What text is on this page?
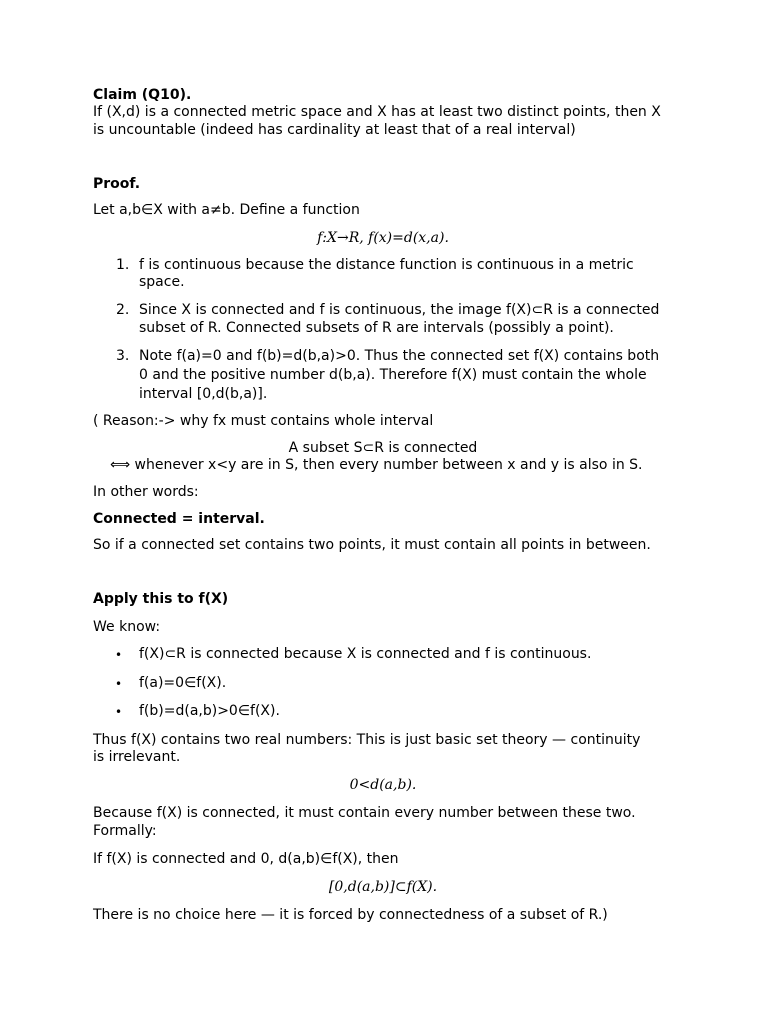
Claim (Q10).
If (X,d) is a connected metric space and X has at least two distinct points, then X
is uncountable (indeed has cardinality at least that of a real interval)
Proof.
Let a,b∈X with a≠b. Define a function
f:X→R, f(x)=d(x,a).
1. f is continuous because the distance function is continuous in a metric
space.
2. Since X is connected and f is continuous, the image f(X)⊂R is a connected
subset of R. Connected subsets of R are intervals (possibly a point).
3. Note f(a)=0 and f(b)=d(b,a)>0. Thus the connected set f(X) contains both
0 and the positive number d(b,a). Therefore f(X) must contain the whole
interval [0,d(b,a)].
( Reason:-> why fx must contains whole interval
A subset S⊂R is connected
⟺ whenever x<y are in S, then every number between x and y is also in S.
In other words:
Connected = interval.
So if a connected set contains two points, it must contain all points in between.
Apply this to f(X)
We know:
• f(X)⊂R is connected because X is connected and f is continuous.
• f(a)=0∈f(X).
• f(b)=d(a,b)>0∈f(X).
Thus f(X) contains two real numbers: This is just basic set theory — continuity
is irrelevant.
0<d(a,b).
Because f(X) is connected, it must contain every number between these two.
Formally:
If f(X) is connected and 0, d(a,b)∈f(X), then
[0,d(a,b)]⊂f(X).
There is no choice here — it is forced by connectedness of a subset of R.)
